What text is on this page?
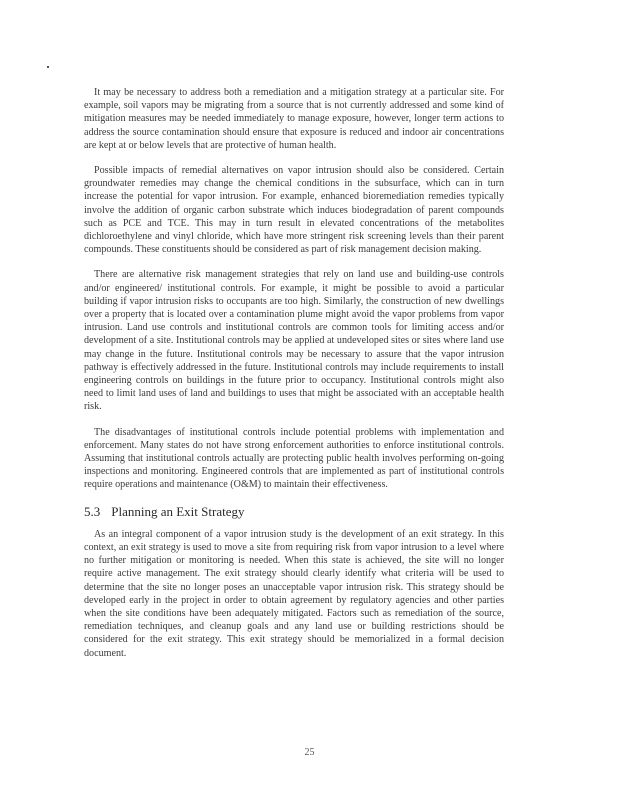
It may be necessary to address both a remediation and a mitigation strategy at a particular site. For example, soil vapors may be migrating from a source that is not currently addressed and some kind of mitigation measures may be needed immediately to manage exposure, however, longer term actions to address the source contamination should ensure that exposure is reduced and indoor air concentrations are kept at or below levels that are protective of human health.

Possible impacts of remedial alternatives on vapor intrusion should also be considered. Certain groundwater remedies may change the chemical conditions in the subsurface, which can in turn increase the potential for vapor intrusion. For example, enhanced bioremediation remedies typically involve the addition of organic carbon substrate which induces biodegradation of parent compounds such as PCE and TCE. This may in turn result in elevated concentrations of the metabolites dichloroethylene and vinyl chloride, which have more stringent risk screening levels than their parent compounds. These constituents should be considered as part of risk management decision making.

There are alternative risk management strategies that rely on land use and building-use controls and/or engineered/ institutional controls. For example, it might be possible to avoid a particular building if vapor intrusion risks to occupants are too high. Similarly, the construction of new dwellings over a property that is located over a contamination plume might avoid the vapor problems from vapor intrusion. Land use controls and institutional controls are common tools for limiting access and/or development of a site. Institutional controls may be applied at undeveloped sites or sites where land use may change in the future. Institutional controls may be necessary to assure that the vapor intrusion pathway is effectively addressed in the future. Institutional controls may include requirements to install engineering controls on buildings in the future prior to occupancy. Institutional controls might also need to limit land uses of land and buildings to uses that might be associated with an acceptable health risk.

The disadvantages of institutional controls include potential problems with implementation and enforcement. Many states do not have strong enforcement authorities to enforce institutional controls. Assuming that institutional controls actually are protecting public health involves performing on-going inspections and monitoring. Engineered controls that are implemented as part of institutional controls require operations and maintenance (O&M) to maintain their effectiveness.

5.3 Planning an Exit Strategy

As an integral component of a vapor intrusion study is the development of an exit strategy. In this context, an exit strategy is used to move a site from requiring risk from vapor intrusion to a level where no further mitigation or monitoring is needed. When this state is achieved, the site will no longer require active management. The exit strategy should clearly identify what criteria will be used to determine that the site no longer poses an unacceptable vapor intrusion risk. This strategy should be developed early in the project in order to obtain agreement by regulatory agencies and other parties when the site conditions have been adequately mitigated. Factors such as remediation of the source, remediation techniques, and cleanup goals and any land use or building restrictions should be considered for the exit strategy. This exit strategy should be memorialized in a formal decision document.

25
